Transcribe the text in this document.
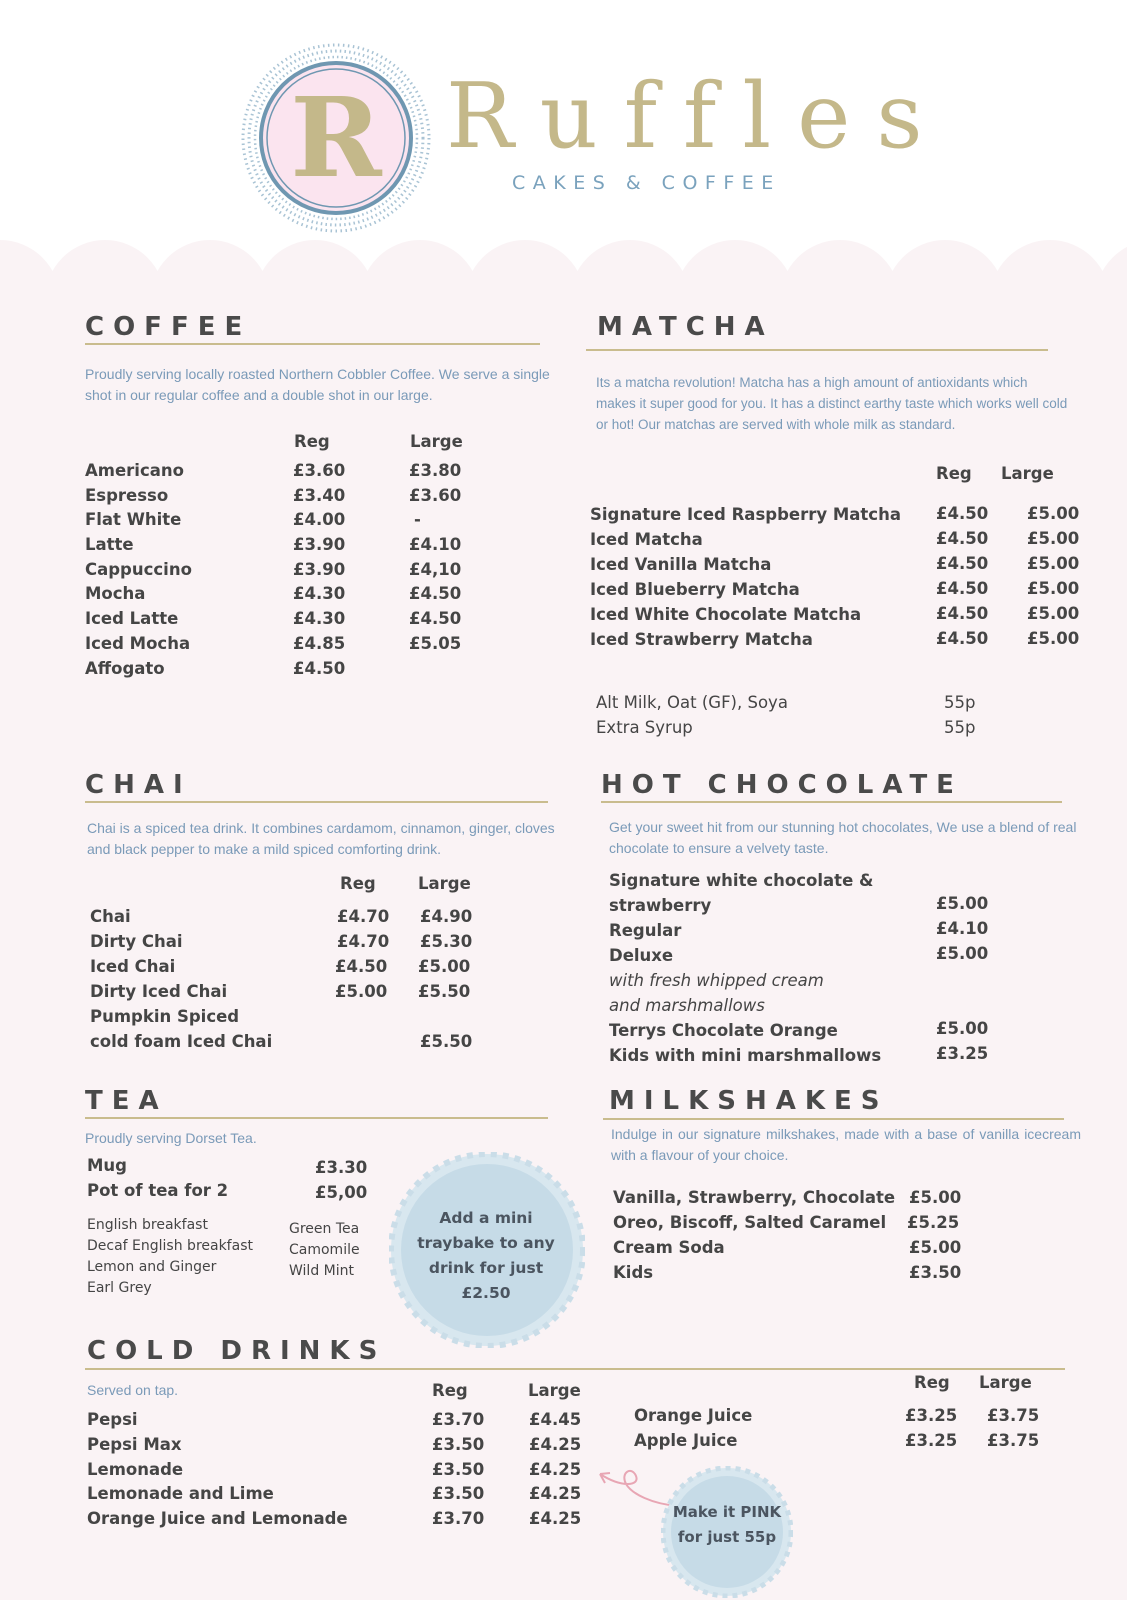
R Ruffles
CAKES & COFFEE
COFFEE
Proudly serving locally roasted Northern Cobbler Coffee. We serve a single shot in our regular coffee and a double shot in our large.
Reg	Large
Americano	£3.60	£3.80
Espresso	£3.40	£3.60
Flat White	£4.00	-
Latte	£3.90	£4.10
Cappuccino	£3.90	£4,10
Mocha	£4.30	£4.50
Iced Latte	£4.30	£4.50
Iced Mocha	£4.85	£5.05
Affogato	£4.50
MATCHA
Its a matcha revolution! Matcha has a high amount of antioxidants which makes it super good for you. It has a distinct earthy taste which works well cold or hot! Our matchas are served with whole milk as standard.
Reg Large
Signature Iced Raspberry Matcha £4.50 £5.00
Iced Matcha	£4.50 £5.00
Iced Vanilla Matcha	£4.50 £5.00
Iced Blueberry Matcha	£4.50 £5.00
Iced White Chocolate Matcha	£4.50 £5.00
Iced Strawberry Matcha	£4.50 £5.00
Alt Milk, Oat (GF), Soya	55p
Extra Syrup	55p
CHAI
Chai is a spiced tea drink. It combines cardamom, cinnamon, ginger, cloves and black pepper to make a mild spiced comforting drink.
Reg	Large
Chai	£4.70 £4.90
Dirty Chai	£4.70 £5.30
Iced Chai	£4.50 £5.00
Dirty Iced Chai	£5.00 £5.50
Pumpkin Spiced
cold foam Iced Chai	£5.50
HOT CHOCOLATE
Get your sweet hit from our stunning hot chocolates, We use a blend of real chocolate to ensure a velvety taste.
Signature white chocolate &
strawberry	£5.00
Regular	£4.10
Deluxe	£5.00
with fresh whipped cream
and marshmallows
Terrys Chocolate Orange	£5.00
Kids with mini marshmallows	£3.25
TEA
Proudly serving Dorset Tea.
Mug	£3.30
Pot of tea for 2	£5,00
English breakfast
Decaf English breakfast
Lemon and Ginger
Earl Grey
Green Tea
Camomile
Wild Mint
Add a mini
traybake to any
drink for just
£2.50
MILKSHAKES
Indulge in our signature milkshakes, made with a base of vanilla icecream with a flavour of your choice.
Vanilla, Strawberry, Chocolate £5.00
Oreo, Biscoff, Salted Caramel £5.25
Cream Soda	£5.00
Kids	£3.50
COLD DRINKS
Served on tap.	Reg	Large
Pepsi	£3.70	£4.45
Pepsi Max	£3.50	£4.25
Lemonade	£3.50	£4.25
Lemonade and Lime	£3.50	£4.25
Orange Juice and Lemonade	£3.70	£4.25
Reg Large
Orange Juice	£3.25 £3.75
Apple Juice	£3.25 £3.75
Make it PINK
for just 55p
